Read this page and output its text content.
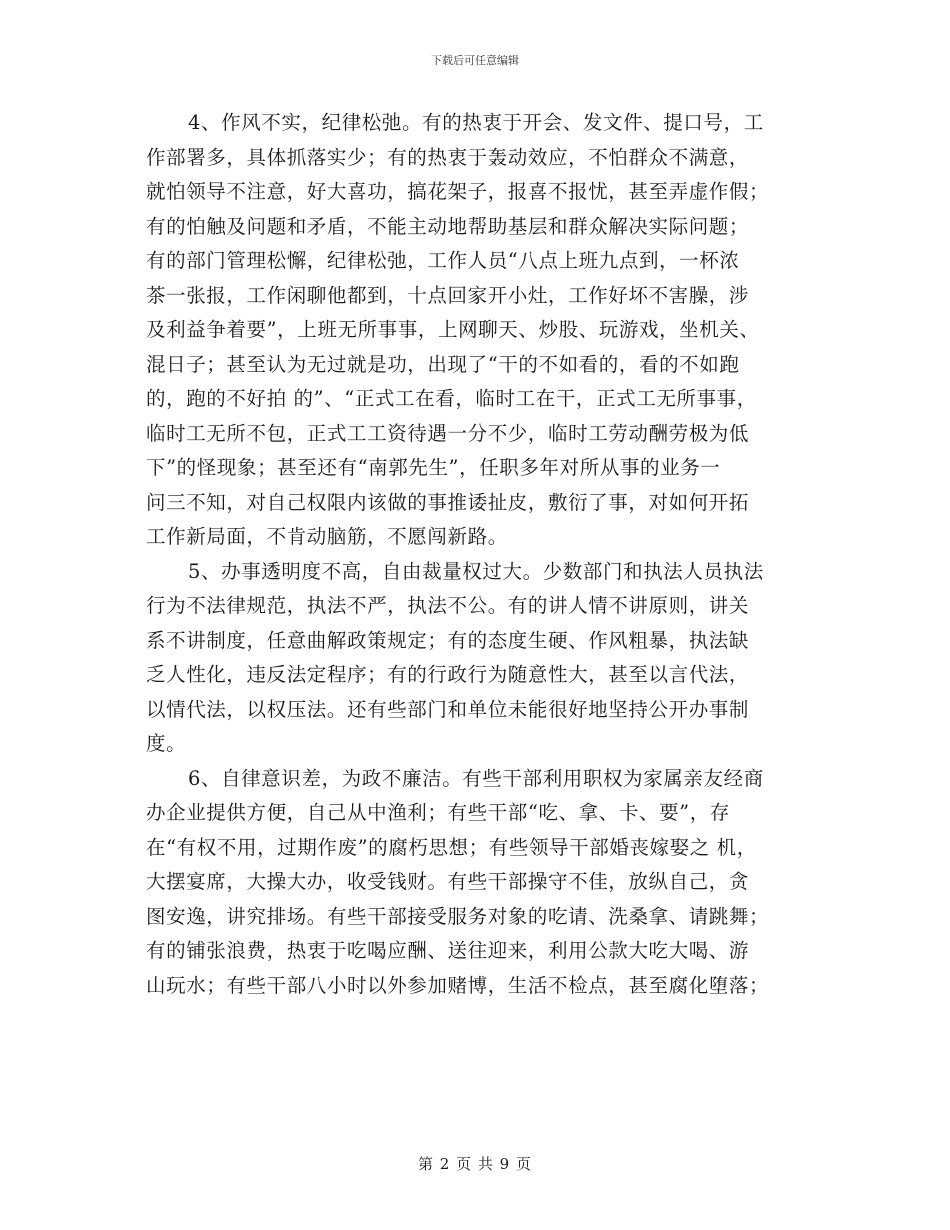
下载后可任意编辑
4、作风不实，纪律松弛。有的热衷于开会、发文件、提口号，工
作部署多，具体抓落实少；有的热衷于轰动效应，不怕群众不满意，
就怕领导不注意，好大喜功，搞花架子，报喜不报忧，甚至弄虚作假；
有的怕触及问题和矛盾，不能主动地帮助基层和群众解决实际问题；
有的部门管理松懈，纪律松弛，工作人员“八点上班九点到，一杯浓
茶一张报，工作闲聊他都到，十点回家开小灶，工作好坏不害臊，涉
及利益争着要”，上班无所事事，上网聊天、炒股、玩游戏，坐机关、
混日子；甚至认为无过就是功，出现了“干的不如看的，看的不如跑
的，跑的不好拍 的”、“正式工在看，临时工在干，正式工无所事事，
临时工无所不包，正式工工资待遇一分不少，临时工劳动酬劳极为低
下”的怪现象；甚至还有“南郭先生”，任职多年对所从事的业务一
问三不知，对自己权限内该做的事推诿扯皮，敷衍了事，对如何开拓
工作新局面，不肯动脑筋，不愿闯新路。
5、办事透明度不高，自由裁量权过大。少数部门和执法人员执法
行为不法律规范，执法不严，执法不公。有的讲人情不讲原则，讲关
系不讲制度，任意曲解政策规定；有的态度生硬、作风粗暴，执法缺
乏人性化，违反法定程序；有的行政行为随意性大，甚至以言代法，
以情代法，以权压法。还有些部门和单位未能很好地坚持公开办事制
度。
6、自律意识差，为政不廉洁。有些干部利用职权为家属亲友经商
办企业提供方便，自己从中渔利；有些干部“吃、拿、卡、要”，存
在“有权不用，过期作废”的腐朽思想；有些领导干部婚丧嫁娶之 机，
大摆宴席，大操大办，收受钱财。有些干部操守不佳，放纵自己，贪
图安逸，讲究排场。有些干部接受服务对象的吃请、洗桑拿、请跳舞；
有的铺张浪费，热衷于吃喝应酬、送往迎来，利用公款大吃大喝、游
山玩水；有些干部八小时以外参加赌博，生活不检点，甚至腐化堕落；
第 2 页 共 9 页
